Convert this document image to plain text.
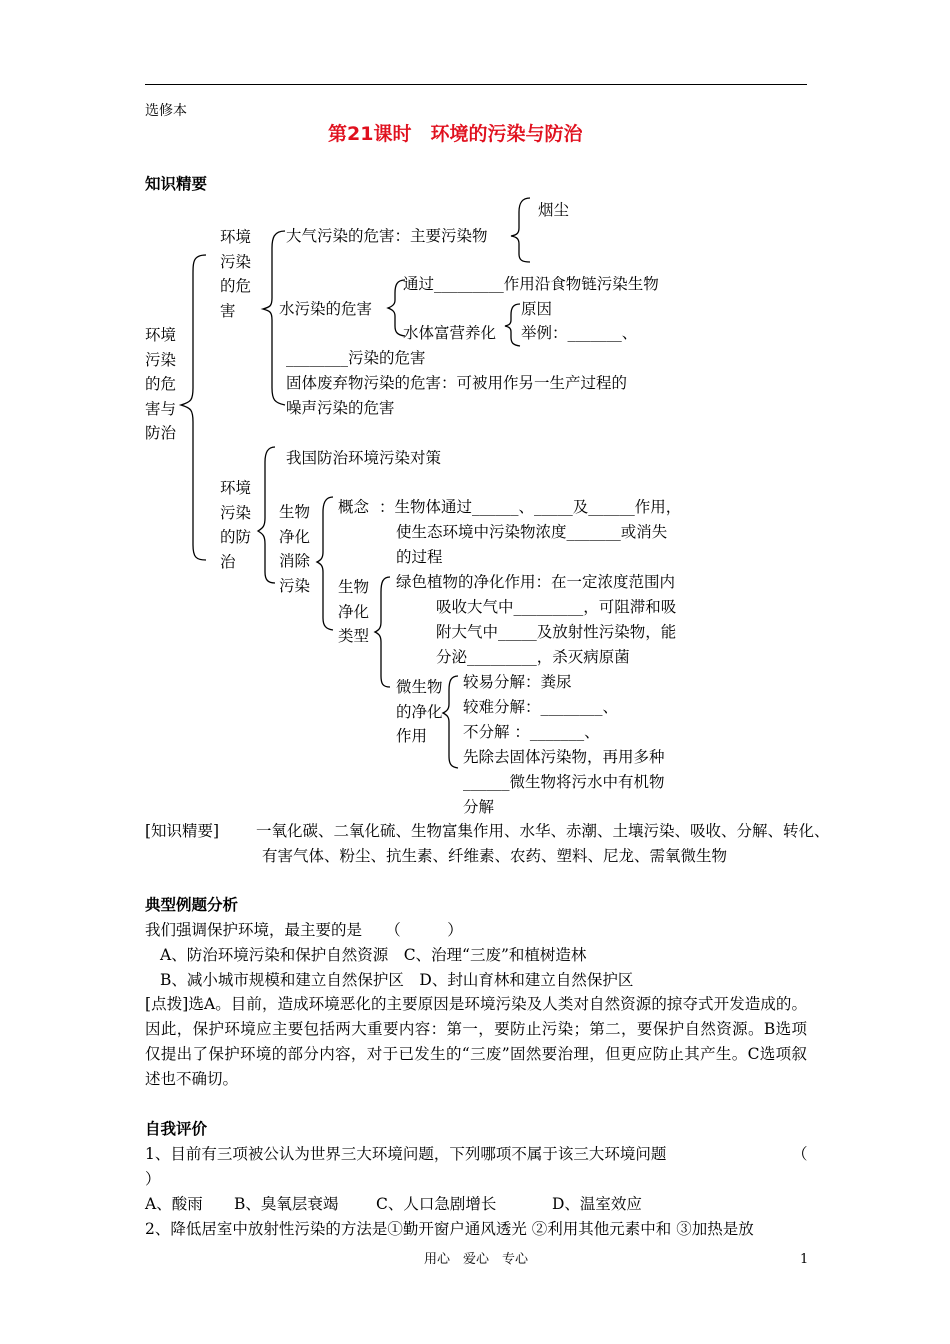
选修本
第21课时　环境的污染与防治
知识精要
环境
污染
的危
害与
防治
环境
污染
的危
害
大气污染的危害：主要污染物
烟尘
水污染的危害
通过_________作用沿食物链污染生物
水体富营养化
原因
举例：_______、
________污染的危害
固体废弃物污染的危害：可被用作另一生产过程的
噪声污染的危害
环境
污染
的防
治
我国防治环境污染对策
生物
净化
消除
污染
概念 ：生物体通过______、_____及______作用，
使生态环境中污染物浓度_______或消失
的过程
生物
净化
类型
绿色植物的净化作用：在一定浓度范围内
吸收大气中_________，可阻滞和吸
附大气中_____及放射性污染物，能
分泌_________，杀灭病原菌
微生物
的净化
作用
较易分解：粪尿
较难分解：________、
不分解 ：_______、
先除去固体污染物，再用多种
______微生物将污水中有机物
分解
[知识精要] 一氧化碳、二氧化硫、生物富集作用、水华、赤潮、土壤污染、吸收、分解、转化、
有害气体、粉尘、抗生素、纤维素、农药、塑料、尼龙、需氧微生物
典型例题分析
我们强调保护环境，最主要的是　　（　　　）
A、防治环境污染和保护自然资源　C、治理“三废”和植树造林
B、减小城市规模和建立自然保护区　D、封山育林和建立自然保护区
[点拨]选A。目前，造成环境恶化的主要原因是环境污染及人类对自然资源的掠夺式开发造成的。因此，保护环境应主要包括两大重要内容：第一，要防止污染；第二，要保护自然资源。B选项仅提出了保护环境的部分内容，对于已发生的“三废”固然要治理，但更应防止其产生。C选项叙述也不确切。
自我评价
1、目前有三项被公认为世界三大环境问题，下列哪项不属于该三大环境问题	（
）
A、酸雨 B、臭氧层衰竭 C、人口急剧增长	D、温室效应
2、降低居室中放射性污染的方法是①勤开窗户通风透光 ②利用其他元素中和 ③加热是放
用心　爱心　专心	1
